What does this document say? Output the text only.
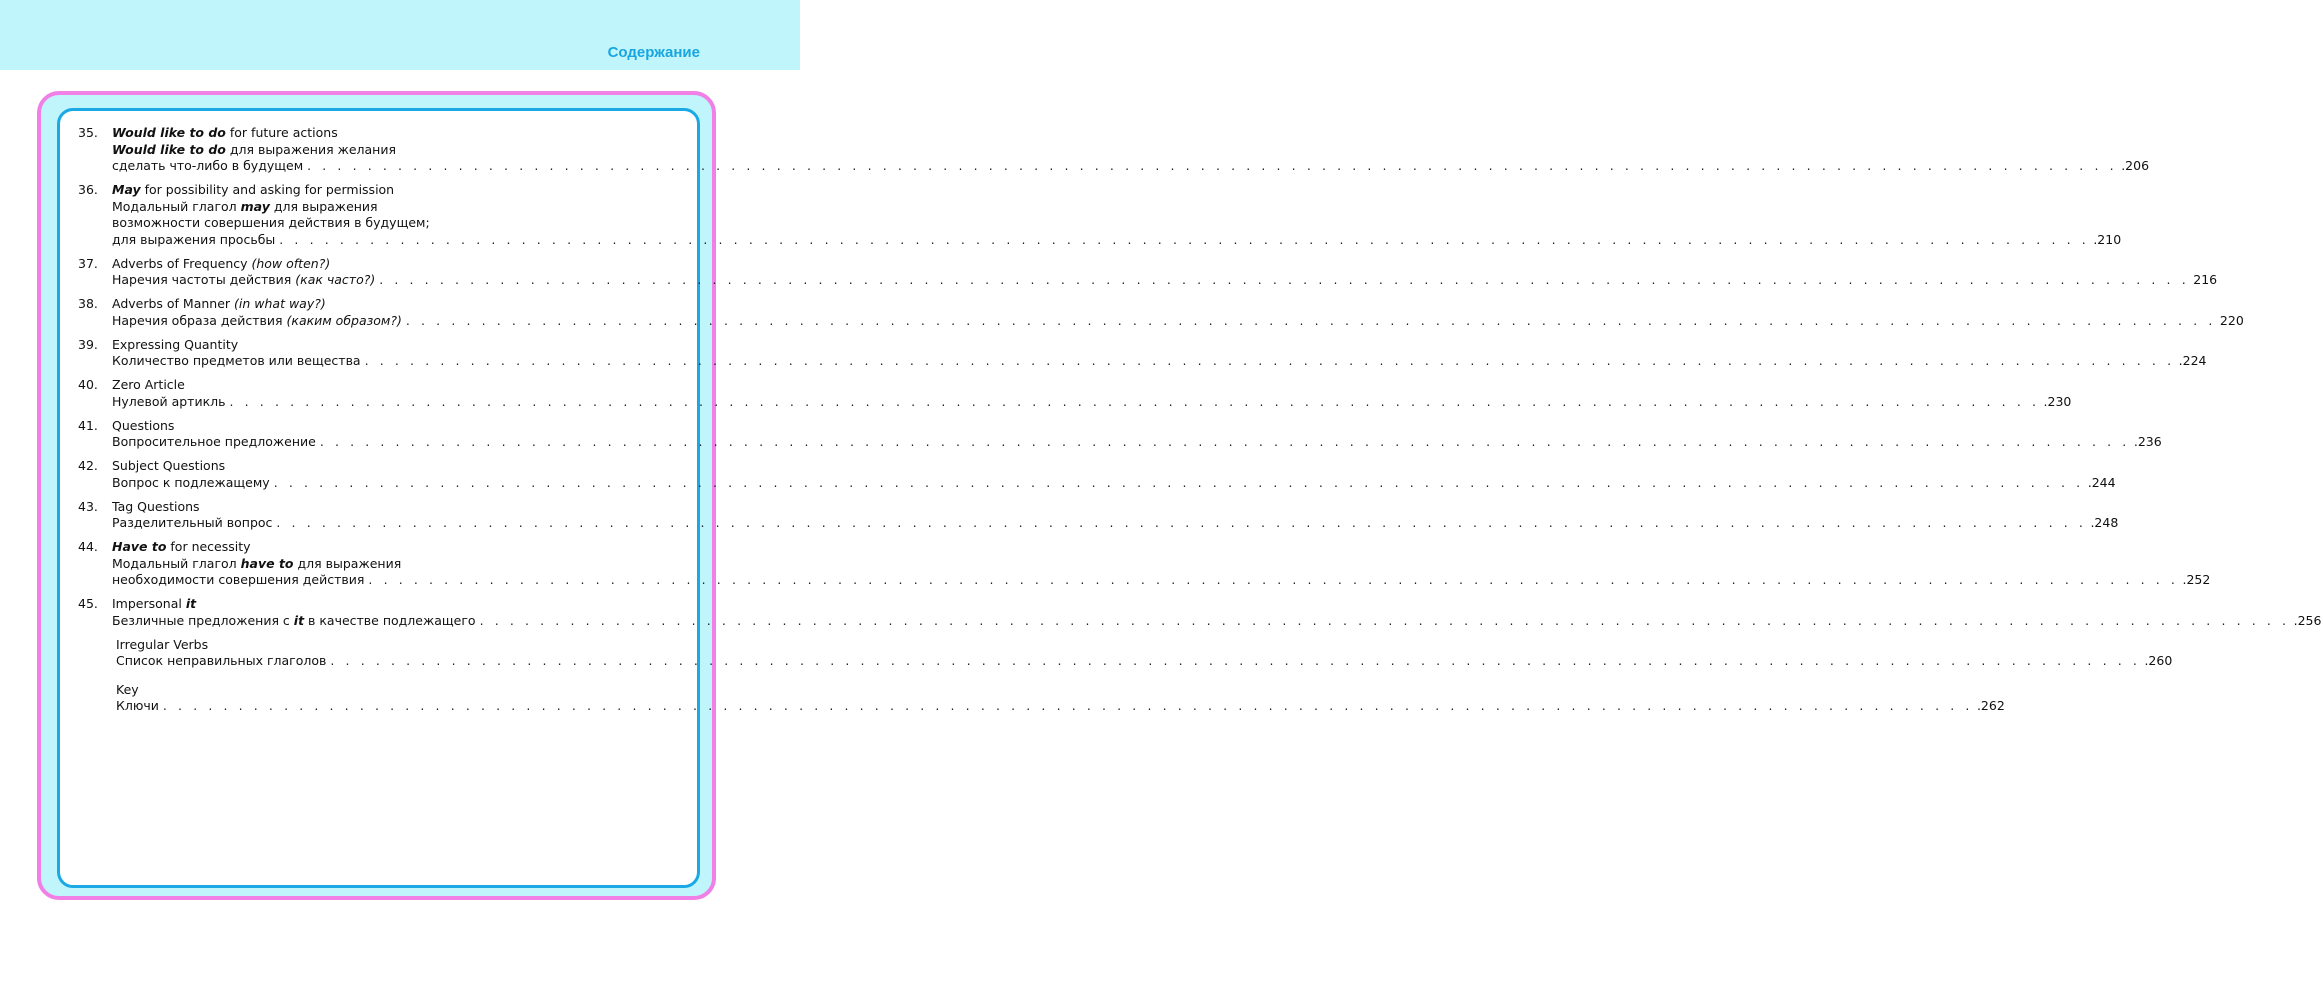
Содержание
35.	Would like to do for future actions
Would like to do для выражения желания
сделать что-либо в будущем . . . . . . . . . . . . . . . . . . . . . . . . . . . . . . . . . . . . . . . . . . . . . . . . . . . . . . . . . . . . . . . . . . . . . . . . . . . . . . . . . . . . . . . . . . . . . . . . . . . . . . . . . . . . . . . . . . . . . . . . .206
36.	May for possibility and asking for permission
Модальный глагол may для выражения
возможности совершения действия в будущем;
для выражения просьбы . . . . . . . . . . . . . . . . . . . . . . . . . . . . . . . . . . . . . . . . . . . . . . . . . . . . . . . . . . . . . . . . . . . . . . . . . . . . . . . . . . . . . . . . . . . . . . . . . . . . . . . . . . . . . . . . . . . . . . . . .210
37.	Adverbs of Frequency (how often?)
Наречия частоты действия (как часто?) . . . . . . . . . . . . . . . . . . . . . . . . . . . . . . . . . . . . . . . . . . . . . . . . . . . . . . . . . . . . . . . . . . . . . . . . . . . . . . . . . . . . . . . . . . . . . . . . . . . . . . . . . . . . . . . . . . . . . . . . 216
38.	Adverbs of Manner (in what way?)
Наречия образа действия (каким образом?) . . . . . . . . . . . . . . . . . . . . . . . . . . . . . . . . . . . . . . . . . . . . . . . . . . . . . . . . . . . . . . . . . . . . . . . . . . . . . . . . . . . . . . . . . . . . . . . . . . . . . . . . . . . . . . . . . . . . . . . . 220
39.	Expressing Quantity
Количество предметов или вещества . . . . . . . . . . . . . . . . . . . . . . . . . . . . . . . . . . . . . . . . . . . . . . . . . . . . . . . . . . . . . . . . . . . . . . . . . . . . . . . . . . . . . . . . . . . . . . . . . . . . . . . . . . . . . . . . . . . . . . . . .224
40.	Zero Article
Нулевой артикль . . . . . . . . . . . . . . . . . . . . . . . . . . . . . . . . . . . . . . . . . . . . . . . . . . . . . . . . . . . . . . . . . . . . . . . . . . . . . . . . . . . . . . . . . . . . . . . . . . . . . . . . . . . . . . . . . . . . . . . . .230
41.	Questions
Вопросительное предложение . . . . . . . . . . . . . . . . . . . . . . . . . . . . . . . . . . . . . . . . . . . . . . . . . . . . . . . . . . . . . . . . . . . . . . . . . . . . . . . . . . . . . . . . . . . . . . . . . . . . . . . . . . . . . . . . . . . . . . . . .236
42.	Subject Questions
Вопрос к подлежащему . . . . . . . . . . . . . . . . . . . . . . . . . . . . . . . . . . . . . . . . . . . . . . . . . . . . . . . . . . . . . . . . . . . . . . . . . . . . . . . . . . . . . . . . . . . . . . . . . . . . . . . . . . . . . . . . . . . . . . . . .244
43.	Tag Questions
Разделительный вопрос . . . . . . . . . . . . . . . . . . . . . . . . . . . . . . . . . . . . . . . . . . . . . . . . . . . . . . . . . . . . . . . . . . . . . . . . . . . . . . . . . . . . . . . . . . . . . . . . . . . . . . . . . . . . . . . . . . . . . . . . .248
44.	Have to for necessity
Модальный глагол have to для выражения
необходимости совершения действия . . . . . . . . . . . . . . . . . . . . . . . . . . . . . . . . . . . . . . . . . . . . . . . . . . . . . . . . . . . . . . . . . . . . . . . . . . . . . . . . . . . . . . . . . . . . . . . . . . . . . . . . . . . . . . . . . . . . . . . . .252
45.	Impersonal it
Безличные предложения с it в качестве подлежащего . . . . . . . . . . . . . . . . . . . . . . . . . . . . . . . . . . . . . . . . . . . . . . . . . . . . . . . . . . . . . . . . . . . . . . . . . . . . . . . . . . . . . . . . . . . . . . . . . . . . . . . . . . . . . . . . . . . . . . . . .256
Irregular Verbs
Список неправильных глаголов . . . . . . . . . . . . . . . . . . . . . . . . . . . . . . . . . . . . . . . . . . . . . . . . . . . . . . . . . . . . . . . . . . . . . . . . . . . . . . . . . . . . . . . . . . . . . . . . . . . . . . . . . . . . . . . . . . . . . . . . .260
Key
Ключи . . . . . . . . . . . . . . . . . . . . . . . . . . . . . . . . . . . . . . . . . . . . . . . . . . . . . . . . . . . . . . . . . . . . . . . . . . . . . . . . . . . . . . . . . . . . . . . . . . . . . . . . . . . . . . . . . . . . . . . . .262
